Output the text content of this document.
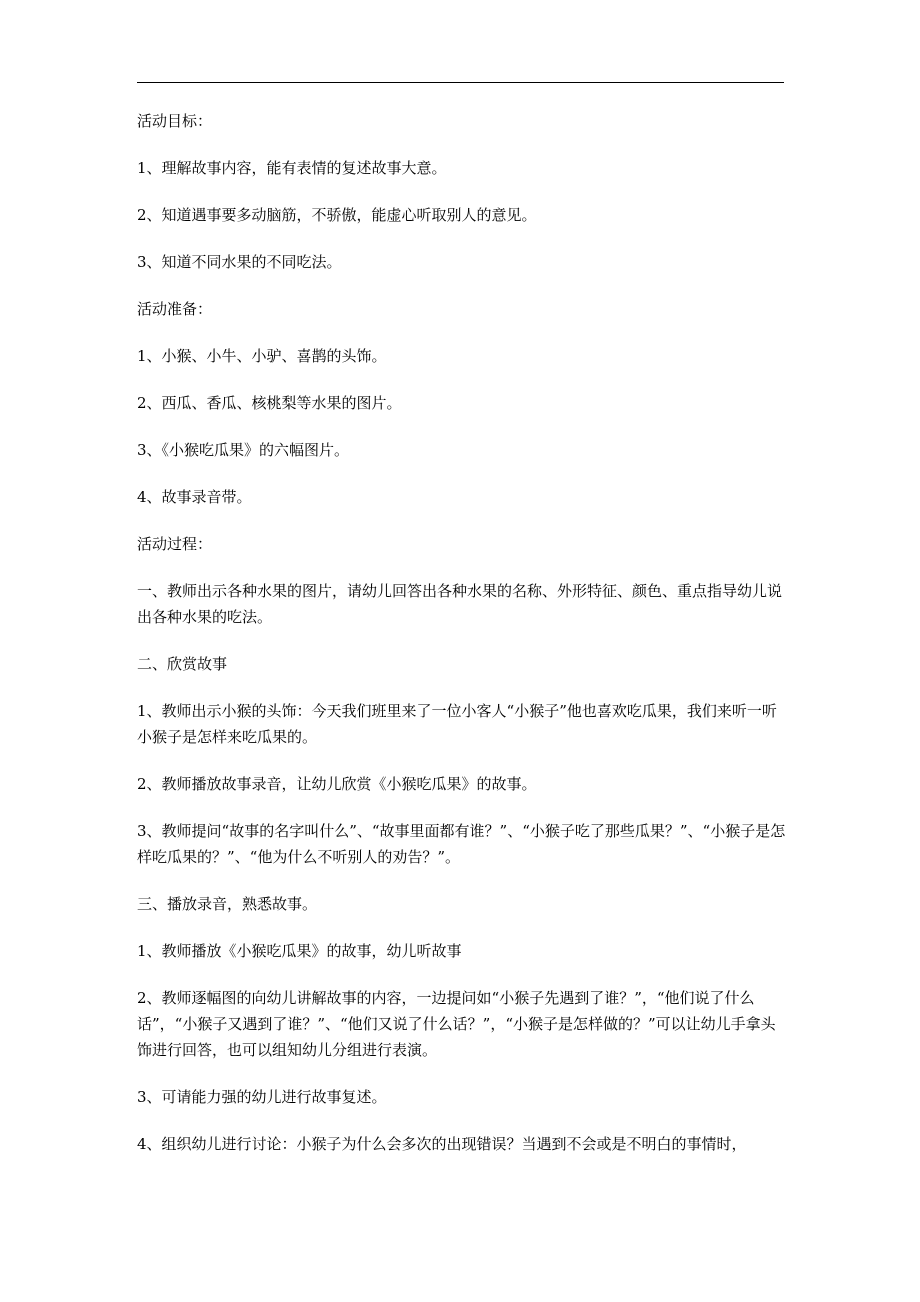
活动目标：

1、理解故事内容，能有表情的复述故事大意。

2、知道遇事要多动脑筋，不骄傲，能虚心听取别人的意见。

3、知道不同水果的不同吃法。

活动准备：

1、小猴、小牛、小驴、喜鹊的头饰。

2、西瓜、香瓜、核桃梨等水果的图片。

3、《小猴吃瓜果》的六幅图片。

4、故事录音带。

活动过程：

一、教师出示各种水果的图片，请幼儿回答出各种水果的名称、外形特征、颜色、重点指导幼儿说出各种水果的吃法。

二、欣赏故事

1、教师出示小猴的头饰：今天我们班里来了一位小客人“小猴子”他也喜欢吃瓜果，我们来听一听小猴子是怎样来吃瓜果的。

2、教师播放故事录音，让幼儿欣赏《小猴吃瓜果》的故事。

3、教师提问“故事的名字叫什么”、“故事里面都有谁？”、“小猴子吃了那些瓜果？”、“小猴子是怎样吃瓜果的？”、“他为什么不听别人的劝告？”。

三、播放录音，熟悉故事。

1、教师播放《小猴吃瓜果》的故事，幼儿听故事

2、教师逐幅图的向幼儿讲解故事的内容，一边提问如“小猴子先遇到了谁？”，“他们说了什么话”，“小猴子又遇到了谁？”、“他们又说了什么话？”，“小猴子是怎样做的？”可以让幼儿手拿头饰进行回答，也可以组知幼儿分组进行表演。

3、可请能力强的幼儿进行故事复述。

4、组织幼儿进行讨论：小猴子为什么会多次的出现错误？当遇到不会或是不明白的事情时，
